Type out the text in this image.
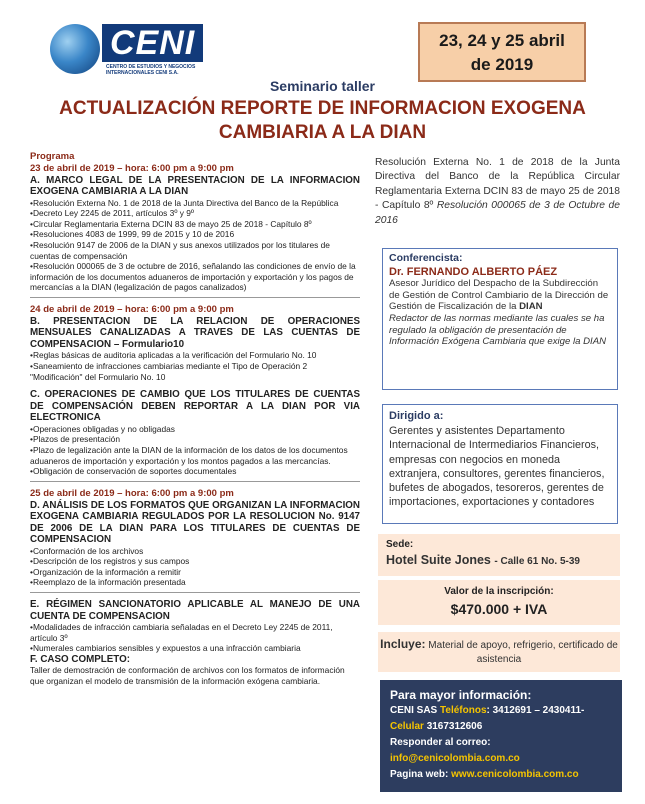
CENI
CENTRO DE ESTUDIOS Y NEGOCIOS INTERNACIONALES CENI S.A.
23, 24 y 25 abril
de 2019
Seminario taller
ACTUALIZACIÓN REPORTE DE INFORMACION EXOGENA
CAMBIARIA A LA DIAN
Programa
23 de abril de 2019 – hora: 6:00 pm a 9:00 pm
A. MARCO LEGAL DE LA PRESENTACION DE LA INFORMACION EXOGENA CAMBIARIA A LA DIAN
• Resolución Externa No. 1 de 2018 de la Junta Directiva del Banco de la República
• Decreto Ley 2245 de 2011, artículos 3º y 9º
• Circular Reglamentaria Externa DCIN 83 de mayo 25 de 2018 - Capítulo 8º
• Resoluciones 4083 de 1999, 99 de 2015 y 10 de 2016
• Resolución 9147 de 2006 de la DIAN y sus anexos utilizados por los titulares de cuentas de compensación
• Resolución 000065 de 3 de octubre de 2016, señalando las condiciones de envío de la información de los documentos aduaneros de importación y exportación y los pagos de mercancías a la DIAN (legalización de pagos canalizados)
24 de abril de 2019 – hora: 6:00 pm a 9:00 pm
B. PRESENTACION DE LA RELACION DE OPERACIONES MENSUALES CANALIZADAS A TRAVES DE LAS CUENTAS DE COMPENSACION – Formulario10
• Reglas básicas de auditoria aplicadas a la verificación del Formulario No. 10
• Saneamiento de infracciones cambiarias mediante el Tipo de Operación 2 "Modificación" del Formulario No. 10
C. OPERACIONES DE CAMBIO QUE LOS TITULARES DE CUENTAS DE COMPENSACIÓN DEBEN REPORTAR A LA DIAN POR VIA ELECTRONICA
• Operaciones obligadas y no obligadas
• Plazos de presentación
• Plazo de legalización ante la DIAN de la información de los datos de los documentos aduaneros de importación y exportación y los montos pagados a las mercancías.
• Obligación de conservación de soportes documentales
25 de abril de 2019 – hora: 6:00 pm a 9:00 pm
D. ANÁLISIS DE LOS FORMATOS QUE ORGANIZAN LA INFORMACION EXOGENA CAMBIARIA REGULADOS POR LA RESOLUCION No. 9147 DE 2006 DE LA DIAN PARA LOS TITULARES DE CUENTAS DE COMPENSACION
• Conformación de los archivos
• Descripción de los registros y sus campos
• Organización de la información a remitir
• Reemplazo de la información presentada
E. RÉGIMEN SANCIONATORIO APLICABLE AL MANEJO DE UNA CUENTA DE COMPENSACION
• Modalidades de infracción cambiaria señaladas en el Decreto Ley 2245 de 2011, artículo 3º
• Numerales cambiarios sensibles y expuestos a una infracción cambiaria
F. CASO COMPLETO:

Taller de demostración de conformación de archivos con los formatos de información que organizan el modelo de transmisión de la información exógena cambiaria.

Resolución Externa No. 1 de 2018 de la Junta Directiva del Banco de la República Circular Reglamentaria Externa DCIN 83 de mayo 25 de 2018 - Capítulo 8º Resolución 000065 de 3 de Octubre de 2016
Conferencista:
Dr. FERNANDO ALBERTO PÁEZ
Asesor Jurídico del Despacho de la Subdirección de Gestión de Control Cambiario de la Dirección de Gestión de Fiscalización de la DIAN
Redactor de las normas mediante las cuales se ha regulado la obligación de presentación de Información Exógena Cambiaria que exige la DIAN
Dirigido a:
Gerentes y asistentes Departamento Internacional de Intermediarios Financieros, empresas con negocios en moneda extranjera, consultores, gerentes financieros, bufetes de abogados, tesoreros, gerentes de importaciones, exportaciones y contadores
Sede:
Hotel Suite Jones - Calle 61 No. 5-39
Valor de la inscripción:
$470.000 + IVA
Incluye: Material de apoyo, refrigerio, certificado de asistencia
Para mayor información:
CENI SAS Teléfonos: 3412691 – 2430411-
Celular 3167312606
Responder al correo:
info@cenicolombia.com.co
Pagina web: www.cenicolombia.com.co
